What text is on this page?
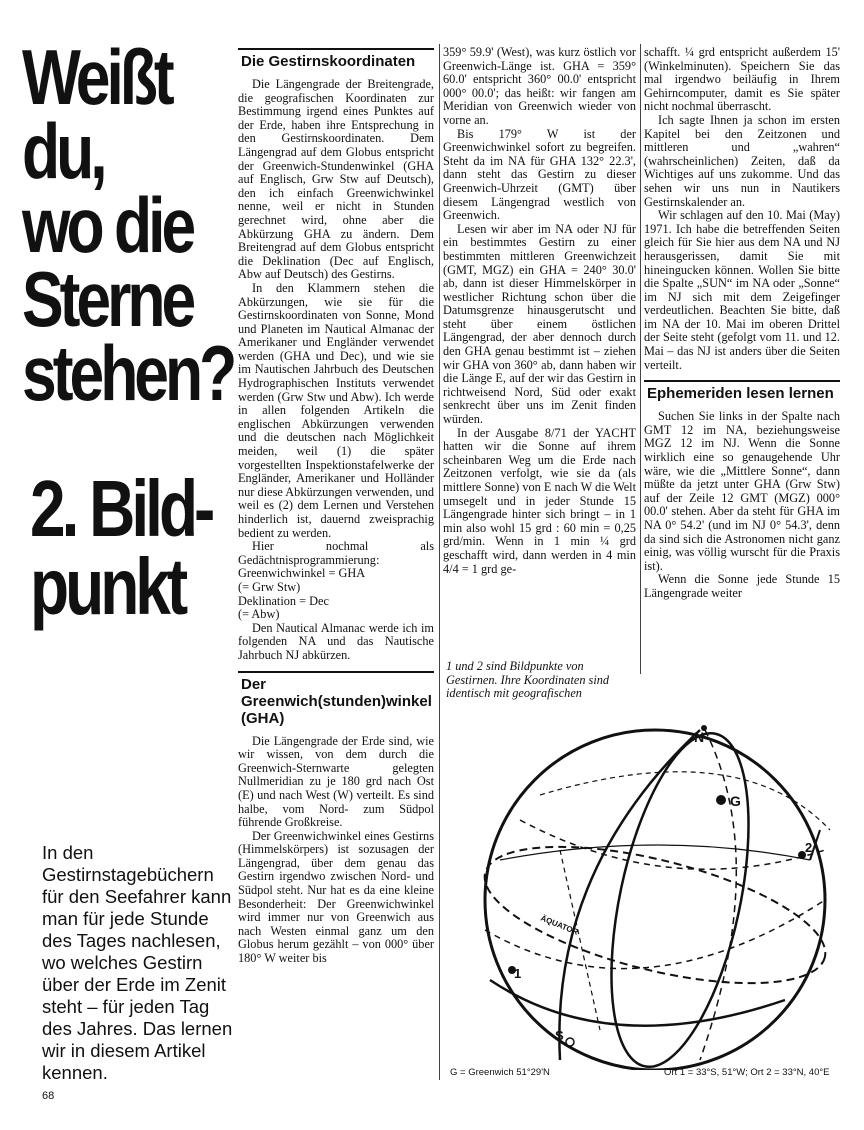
Weißt
du,
wo die
Sterne
stehen?
2. Bild-
punkt
In den Gestirnstagebüchern für den Seefahrer kann man für jede Stunde des Tages nachlesen, wo welches Gestirn über der Erde im Zenit steht – für jeden Tag des Jahres. Das lernen wir in diesem Artikel kennen.
68
Die Gestirnskoordinaten

Die Längengrade der Breitengrade, die geografischen Koordinaten zur Bestimmung irgend eines Punktes auf der Erde, haben ihre Entsprechung in den Gestirnskoordinaten. Dem Längengrad auf dem Globus entspricht der Greenwich-Stundenwinkel (GHA auf Englisch, Grw Stw auf Deutsch), den ich einfach Greenwichwinkel nenne, weil er nicht in Stunden gerechnet wird, ohne aber die Abkürzung GHA zu ändern. Dem Breitengrad auf dem Globus entspricht die Deklination (Dec auf Englisch, Abw auf Deutsch) des Gestirns.

In den Klammern stehen die Abkürzungen, wie sie für die Gestirnskoordinaten von Sonne, Mond und Planeten im Nautical Almanac der Amerikaner und Engländer verwendet werden (GHA und Dec), und wie sie im Nautischen Jahrbuch des Deutschen Hydrographischen Instituts verwendet werden (Grw Stw und Abw). Ich werde in allen folgenden Artikeln die englischen Abkürzungen verwenden und die deutschen nach Möglichkeit meiden, weil (1) die später vorgestellten Inspektionstafelwerke der Engländer, Amerikaner und Holländer nur diese Abkürzungen verwenden, und weil es (2) dem Lernen und Verstehen hinderlich ist, dauernd zweisprachig bedient zu werden.

Hier nochmal als Gedächtnisprogrammierung:

Greenwichwinkel = GHA

(= Grw Stw)

Deklination = Dec

(= Abw)

Den Nautical Almanac werde ich im folgenden NA und das Nautische Jahrbuch NJ abkürzen.

Der Greenwich(stunden)winkel (GHA)

Die Längengrade der Erde sind, wie wir wissen, von dem durch die Greenwich-Sternwarte gelegten Nullmeridian zu je 180 grd nach Ost (E) und nach West (W) verteilt. Es sind halbe, vom Nord- zum Südpol führende Großkreise.

Der Greenwichwinkel eines Gestirns (Himmelskörpers) ist sozusagen der Längengrad, über dem genau das Gestirn irgendwo zwischen Nord- und Südpol steht. Nur hat es da eine kleine Besonderheit: Der Greenwichwinkel wird immer nur von Greenwich aus nach Westen einmal ganz um den Globus herum gezählt – von 000° über 180° W weiter bis

359° 59.9' (West), was kurz östlich vor Greenwich-Länge ist. GHA = 359° 60.0' entspricht 360° 00.0' entspricht 000° 00.0'; das heißt: wir fangen am Meridian von Greenwich wieder von vorne an.

Bis 179° W ist der Greenwichwinkel sofort zu begreifen. Steht da im NA für GHA 132° 22.3', dann steht das Gestirn zu dieser Greenwich-Uhrzeit (GMT) über diesem Längengrad westlich von Greenwich.

Lesen wir aber im NA oder NJ für ein bestimmtes Gestirn zu einer bestimmten mittleren Greenwichzeit (GMT, MGZ) ein GHA = 240° 30.0' ab, dann ist dieser Himmelskörper in westlicher Richtung schon über die Datumsgrenze hinausgerutscht und steht über einem östlichen Längengrad, der aber dennoch durch den GHA genau bestimmt ist – ziehen wir GHA von 360° ab, dann haben wir die Länge E, auf der wir das Gestirn in richtweisend Nord, Süd oder exakt senkrecht über uns im Zenit finden würden.

In der Ausgabe 8/71 der YACHT hatten wir die Sonne auf ihrem scheinbaren Weg um die Erde nach Zeitzonen verfolgt, wie sie da (als mittlere Sonne) von E nach W die Welt umsegelt und in jeder Stunde 15 Längengrade hinter sich bringt – in 1 min also wohl 15 grd : 60 min = 0,25 grd/min. Wenn in 1 min ¼ grd geschafft wird, dann werden in 4 min 4/4 = 1 grd ge-

1 und 2 sind Bildpunkte von Gestirnen. Ihre Koordinaten sind identisch mit geografischen

schafft. ¼ grd entspricht außerdem 15' (Winkelminuten). Speichern Sie das mal irgendwo beiläufig in Ihrem Gehirncomputer, damit es Sie später nicht nochmal überrascht.

Ich sagte Ihnen ja schon im ersten Kapitel bei den Zeitzonen und mittleren und „wahren“ (wahrscheinlichen) Zeiten, daß da Wichtiges auf uns zukomme. Und das sehen wir uns nun in Nautikers Gestirnskalender an.

Wir schlagen auf den 10. Mai (May) 1971. Ich habe die betreffenden Seiten gleich für Sie hier aus dem NA und NJ herausgerissen, damit Sie mit hineingucken können. Wollen Sie bitte die Spalte „SUN“ im NA oder „Sonne“ im NJ sich mit dem Zeigefinger verdeutlichen. Beachten Sie bitte, daß im NA der 10. Mai im oberen Drittel der Seite steht (gefolgt vom 11. und 12. Mai – das NJ ist anders über die Seiten verteilt.

Ephemeriden lesen lernen

Suchen Sie links in der Spalte nach GMT 12 im NA, beziehungsweise MGZ 12 im NJ. Wenn die Sonne wirklich eine so genaugehende Uhr wäre, wie die „Mittlere Sonne“, dann müßte da jetzt unter GHA (Grw Stw) auf der Zeile 12 GMT (MGZ) 000° 00.0' stehen. Aber da steht für GHA im NA 0° 54.2' (und im NJ 0° 54.3', denn da sind sich die Astronomen nicht ganz einig, was völlig wurscht für die Praxis ist).

Wenn die Sonne jede Stunde 15 Längengrade weiter

N
G
2
1
S
ÄQUATOR
G = Greenwich 51°29'N	Ort 1 = 33°S, 51°W; Ort 2 = 33°N, 40°E
